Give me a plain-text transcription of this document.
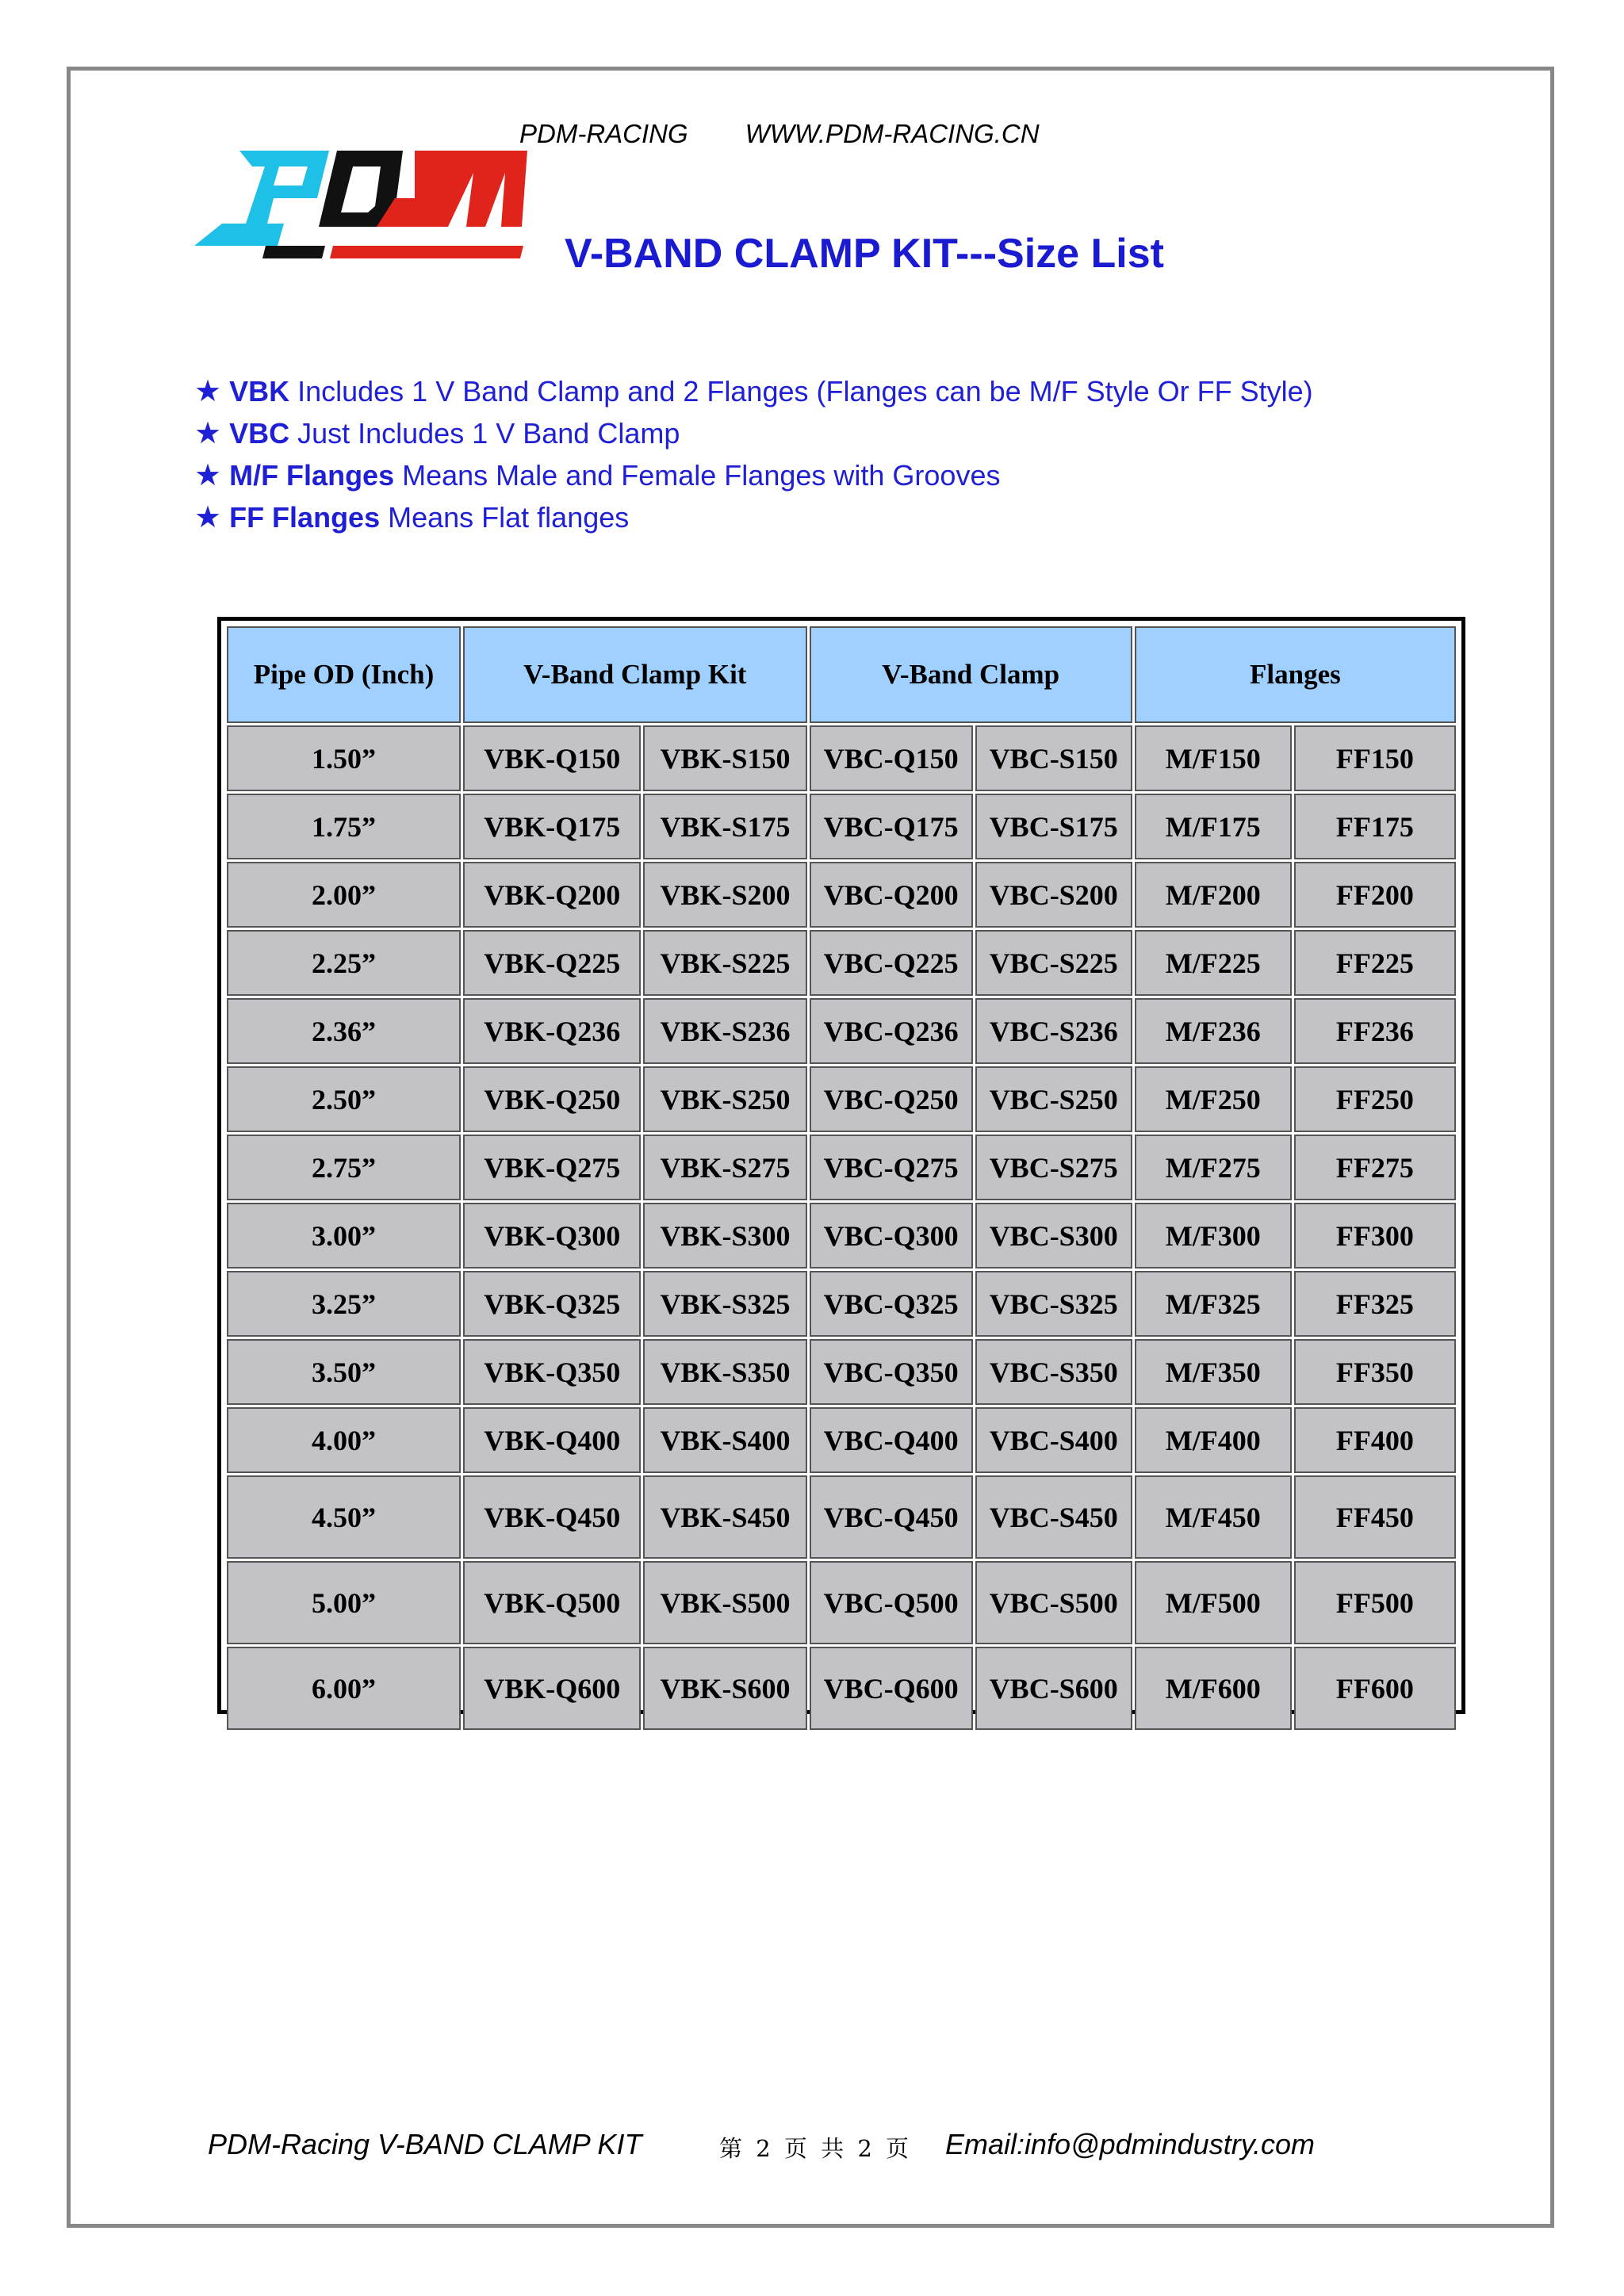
PDM-RACING WWW.PDM-RACING.CN
V-BAND CLAMP KIT---Size List
★ VBK Includes 1 V Band Clamp and 2 Flanges (Flanges can be M/F Style Or FF Style)
★ VBC Just Includes 1 V Band Clamp
★ M/F Flanges Means Male and Female Flanges with Grooves
★ FF Flanges Means Flat flanges
Pipe OD (Inch)	V-Band Clamp Kit		V-Band Clamp		Flanges	
1.50”	VBK-Q150	VBK-S150	VBC-Q150	VBC-S150	M/F150	FF150
1.75”	VBK-Q175	VBK-S175	VBC-Q175	VBC-S175	M/F175	FF175
2.00”	VBK-Q200	VBK-S200	VBC-Q200	VBC-S200	M/F200	FF200
2.25”	VBK-Q225	VBK-S225	VBC-Q225	VBC-S225	M/F225	FF225
2.36”	VBK-Q236	VBK-S236	VBC-Q236	VBC-S236	M/F236	FF236
2.50”	VBK-Q250	VBK-S250	VBC-Q250	VBC-S250	M/F250	FF250
2.75”	VBK-Q275	VBK-S275	VBC-Q275	VBC-S275	M/F275	FF275
3.00”	VBK-Q300	VBK-S300	VBC-Q300	VBC-S300	M/F300	FF300
3.25”	VBK-Q325	VBK-S325	VBC-Q325	VBC-S325	M/F325	FF325
3.50”	VBK-Q350	VBK-S350	VBC-Q350	VBC-S350	M/F350	FF350
4.00”	VBK-Q400	VBK-S400	VBC-Q400	VBC-S400	M/F400	FF400
4.50”	VBK-Q450	VBK-S450	VBC-Q450	VBC-S450	M/F450	FF450
5.00”	VBK-Q500	VBK-S500	VBC-Q500	VBC-S500	M/F500	FF500
6.00”	VBK-Q600	VBK-S600	VBC-Q600	VBC-S600	M/F600	FF600
PDM-Racing V-BAND CLAMP KIT	第 2 页 共 2 页 Email:info@pdmindustry.com
